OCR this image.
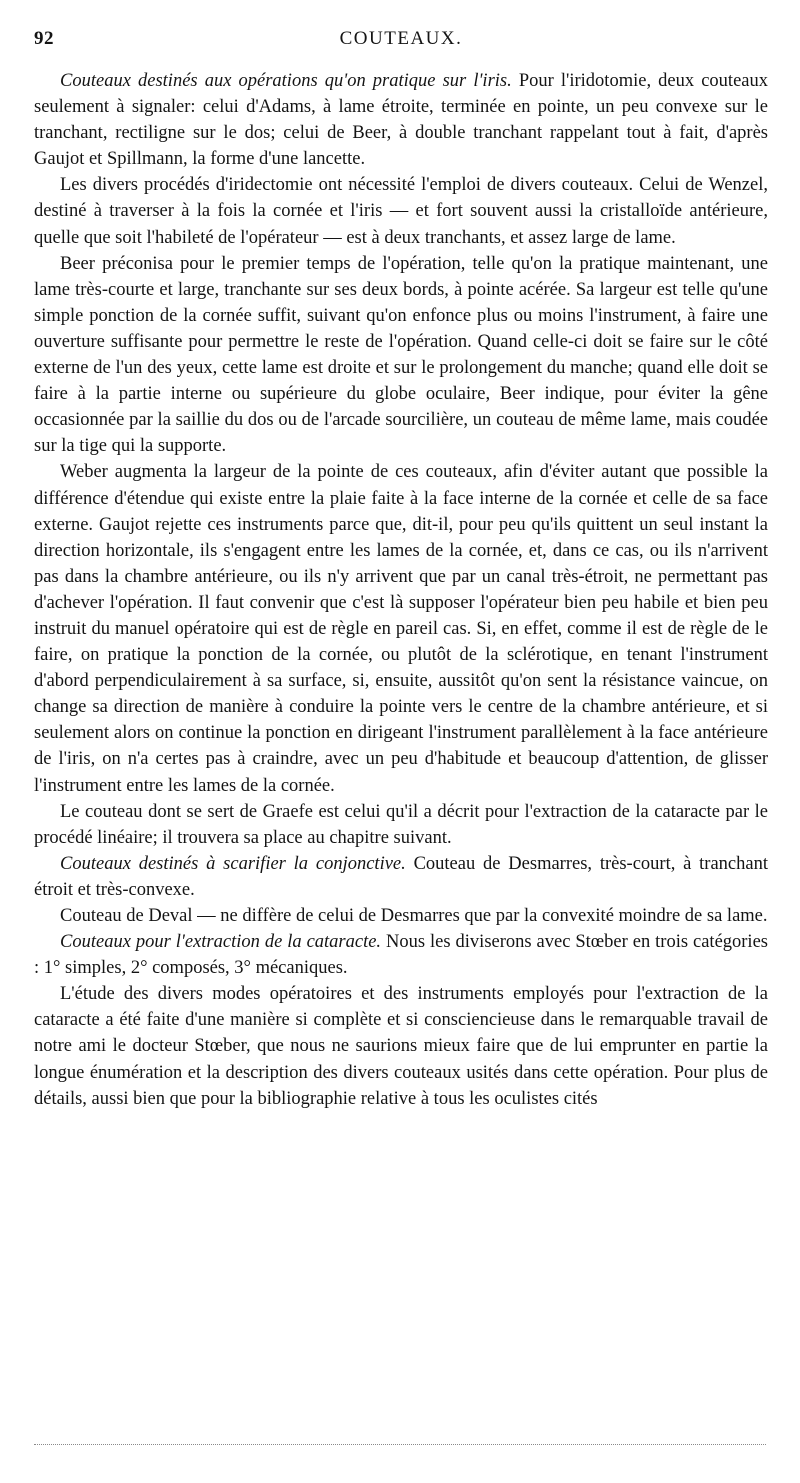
92	COUTEAUX.

Couteaux destinés aux opérations qu'on pratique sur l'iris. Pour l'iridotomie, deux couteaux seulement à signaler: celui d'Adams, à lame étroite, terminée en pointe, un peu convexe sur le tranchant, rectiligne sur le dos; celui de Beer, à double tranchant rappelant tout à fait, d'après Gaujot et Spillmann, la forme d'une lancette.

Les divers procédés d'iridectomie ont nécessité l'emploi de divers couteaux. Celui de Wenzel, destiné à traverser à la fois la cornée et l'iris — et fort souvent aussi la cristalloïde antérieure, quelle que soit l'habileté de l'opérateur — est à deux tranchants, et assez large de lame.

Beer préconisa pour le premier temps de l'opération, telle qu'on la pratique maintenant, une lame très-courte et large, tranchante sur ses deux bords, à pointe acérée. Sa largeur est telle qu'une simple ponction de la cornée suffit, suivant qu'on enfonce plus ou moins l'instrument, à faire une ouverture suffisante pour permettre le reste de l'opération. Quand celle-ci doit se faire sur le côté externe de l'un des yeux, cette lame est droite et sur le prolongement du manche; quand elle doit se faire à la partie interne ou supérieure du globe oculaire, Beer indique, pour éviter la gêne occasionnée par la saillie du dos ou de l'arcade sourcilière, un couteau de même lame, mais coudée sur la tige qui la supporte.

Weber augmenta la largeur de la pointe de ces couteaux, afin d'éviter autant que possible la différence d'étendue qui existe entre la plaie faite à la face interne de la cornée et celle de sa face externe. Gaujot rejette ces instruments parce que, dit-il, pour peu qu'ils quittent un seul instant la direction horizontale, ils s'engagent entre les lames de la cornée, et, dans ce cas, ou ils n'arrivent pas dans la chambre antérieure, ou ils n'y arrivent que par un canal très-étroit, ne permettant pas d'achever l'opération. Il faut convenir que c'est là supposer l'opérateur bien peu habile et bien peu instruit du manuel opératoire qui est de règle en pareil cas. Si, en effet, comme il est de règle de le faire, on pratique la ponction de la cornée, ou plutôt de la sclérotique, en tenant l'instrument d'abord perpendiculairement à sa surface, si, ensuite, aussitôt qu'on sent la résistance vaincue, on change sa direction de manière à conduire la pointe vers le centre de la chambre antérieure, et si seulement alors on continue la ponction en dirigeant l'instrument parallèlement à la face antérieure de l'iris, on n'a certes pas à craindre, avec un peu d'habitude et beaucoup d'attention, de glisser l'instrument entre les lames de la cornée.

Le couteau dont se sert de Graefe est celui qu'il a décrit pour l'extraction de la cataracte par le procédé linéaire; il trouvera sa place au chapitre suivant.

Couteaux destinés à scarifier la conjonctive. Couteau de Desmarres, très-court, à tranchant étroit et très-convexe.

Couteau de Deval — ne diffère de celui de Desmarres que par la convexité moindre de sa lame.

Couteaux pour l'extraction de la cataracte. Nous les diviserons avec Stœber en trois catégories : 1° simples, 2° composés, 3° mécaniques.

L'étude des divers modes opératoires et des instruments employés pour l'extraction de la cataracte a été faite d'une manière si complète et si consciencieuse dans le remarquable travail de notre ami le docteur Stœber, que nous ne saurions mieux faire que de lui emprunter en partie la longue énumération et la description des divers couteaux usités dans cette opération. Pour plus de détails, aussi bien que pour la bibliographie relative à tous les oculistes cités
